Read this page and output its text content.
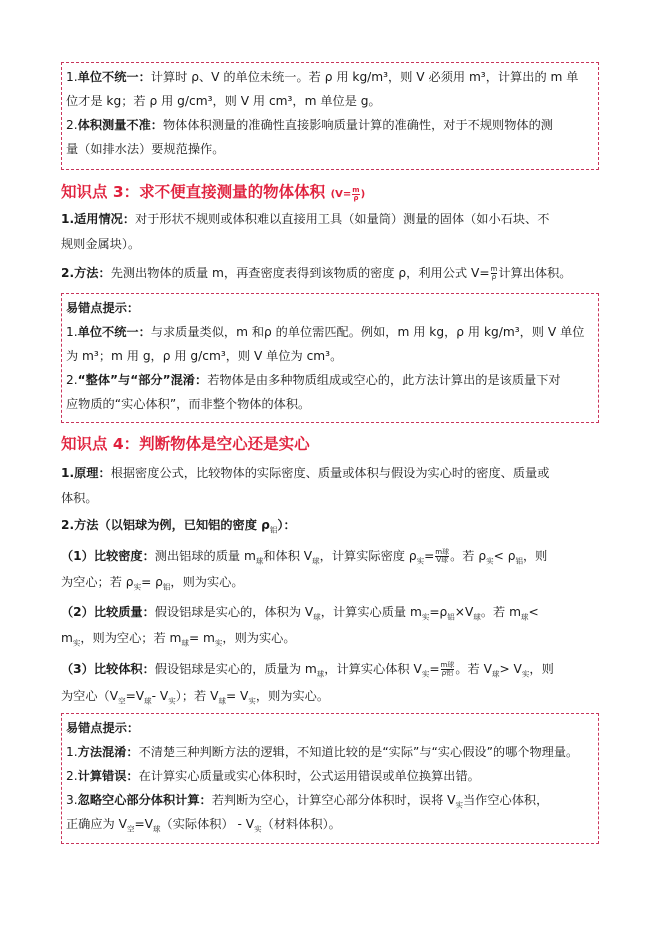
1.单位不统一：计算时 ρ、V 的单位未统一。若 ρ 用 kg/m³，则 V 必须用 m³，计算出的 m 单
位才是 kg；若 ρ 用 g/cm³，则 V 用 cm³，m 单位是 g。
2.体积测量不准：物体体积测量的准确性直接影响质量计算的准确性，对于不规则物体的测
量（如排水法）要规范操作。
知识点 3：求不便直接测量的物体体积 ($V= \frac{m}{\rho}$ )
1.适用情况：对于形状不规则或体积难以直接用工具（如量筒）测量的固体（如小石块、不
规则金属块）。
2.方法：先测出物体的质量 m，再查密度表得到该物质的密度 ρ，利用公式 $V= \frac{m}{\rho}$ 计算出体积。
易错点提示：
1.单位不统一：与求质量类似，m 和ρ 的单位需匹配。例如，m 用 kg，ρ 用 kg/m³，则 V 单位
为 m³；m 用 g，ρ 用 g/cm³，则 V 单位为 cm³。
2.“整体”与“部分”混淆：若物体是由多种物质组成或空心的，此方法计算出的是该质量下对
应物质的“实心体积”，而非整个物体的体积。
知识点 4：判断物体是空心还是实心
1.原理：根据密度公式，比较物体的实际密度、质量或体积与假设为实心时的密度、质量或
体积。
2.方法（以铝球为例，已知铝的密度 $\rho_铝$）：
（1）比较密度：测出铝球的质量 $m_球$和体积 $V_球$，计算实际密度 $\rho_实= \frac{\text{m球}}{\text{V球}}$ 。若 $\rho_实< \rho_铝$，则
为空心；若 $\rho_实= \rho_铝$，则为实心。
（2）比较质量：假设铝球是实心的，体积为 $V_球$，计算实心质量 $m_实=\rho_铝\times V_球$。若 $m_球<$
$m_实$，则为空心；若 $m_球= m_实$，则为实心。
（3）比较体积：假设铝球是实心的，质量为 $m_球$，计算实心体积 $V_实= \frac{\text{m球}}{\text{ρ铝}}$ 。若 $V_球> V_实$，则
为空心（$V_空=V_球-$ $V_实$）；若 $V_球= V_实$，则为实心。
易错点提示：
1.方法混淆：不清楚三种判断方法的逻辑，不知道比较的是“实际”与“实心假设”的哪个物理量。
2.计算错误：在计算实心质量或实心体积时，公式运用错误或单位换算出错。
3.忽略空心部分体积计算：若判断为空心，计算空心部分体积时，误将 $V_实$当作空心体积，
正确应为 $V_空=V_球$（实际体积） - $V_实$（材料体积）。
